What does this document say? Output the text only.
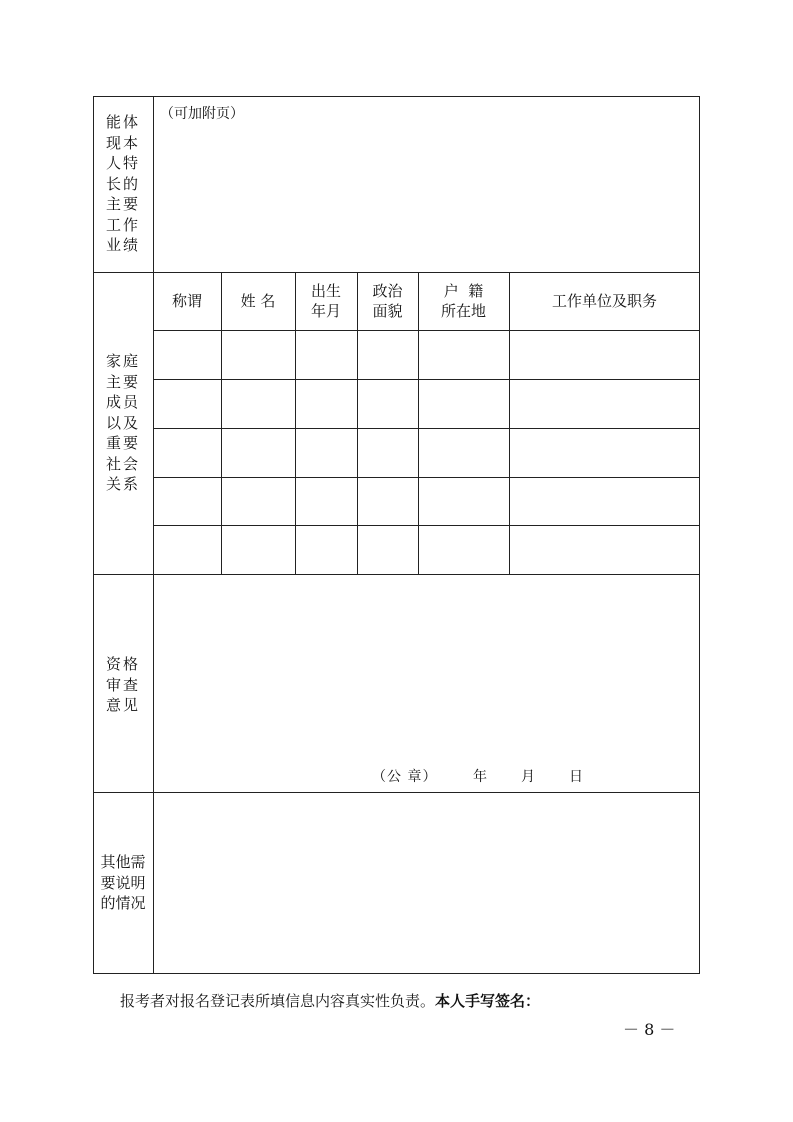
能体
现本
人特
长的
主要
工作
业绩
（可加附页）
家庭
主要
成员
以及
重要
社会
关系
称谓	姓 名
出生
年月
政治
面貌
户  籍
所在地
工作单位及职务
资格
审查
意见
（公 章）	年 月 日
其他需
要说明
的情况
报考者对报名登记表所填信息内容真实性负责。本人手写签名：
－ 8 －
